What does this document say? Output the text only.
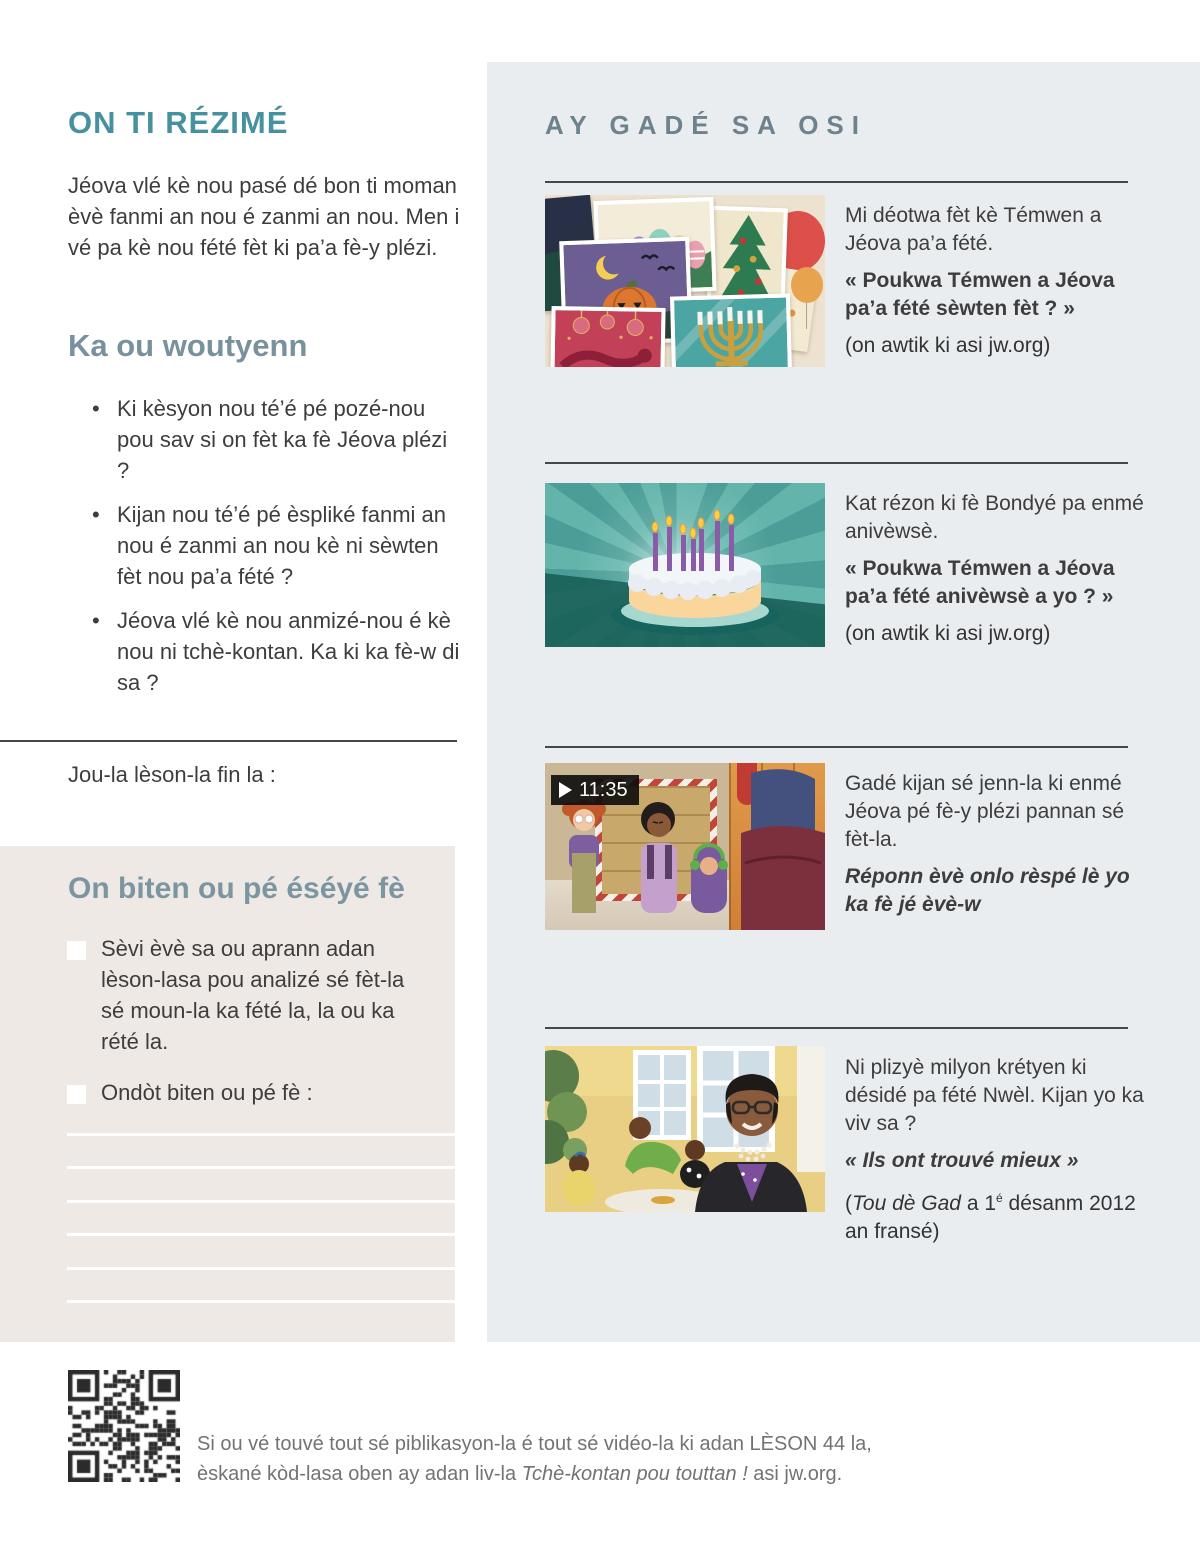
ON TI RÉZIMÉ

Jéova vlé kè nou pasé dé bon ti moman èvè fanmi an nou é zanmi an nou. Men i vé pa kè nou fété fèt ki pa’a fè-y plézi.

Ka ou woutyenn
• Ki kèsyon nou té’é pé pozé-nou pou sav si on fèt ka fè Jéova plézi ?
• Kijan nou té’é pé èspliké fanmi an nou é zanmi an nou kè ni sèwten fèt nou pa’a fété ?
• Jéova vlé kè nou anmizé-nou é kè nou ni tchè-kontan. Ka ki ka fè-w di sa ?
Jou-la lèson-la fin la :
On biten ou pé éséyé fè
Sèvi èvè sa ou aprann adan lèson-lasa pou analizé sé fèt-la sé moun-la ka fété la, la ou ka rété la.
Ondòt biten ou pé fè :
AY GADÉ SA OSI

Mi déotwa fèt kè Témwen a Jéova pa’a fété.

« Poukwa Témwen a Jéova pa’a fété sèwten fèt ? »

(on awtik ki asi jw.org)

Kat rézon ki fè Bondyé pa enmé anivèwsè.

« Poukwa Témwen a Jéova pa’a fété anivèwsè a yo ? »

(on awtik ki asi jw.org)

11:35	Gadé kijan sé jenn-la ki enmé Jéova pé fè-y plézi pannan sé fèt-la.

Réponn èvè onlo rèspé lè yo ka fè jé èvè-w

Ni plizyè milyon krétyen ki désidé pa fété Nwèl. Kijan yo ka viv sa ?

« Ils ont trouvé mieux »

(Tou dè Gad a $1^é$ désanm 2012 an fransé)

Si ou vé touvé tout sé piblikasyon-la é tout sé vidéo-la ki adan LÈSON 44 la,
èskané kòd-lasa oben ay adan liv-la Tchè-kontan pou touttan ! asi jw.org.
